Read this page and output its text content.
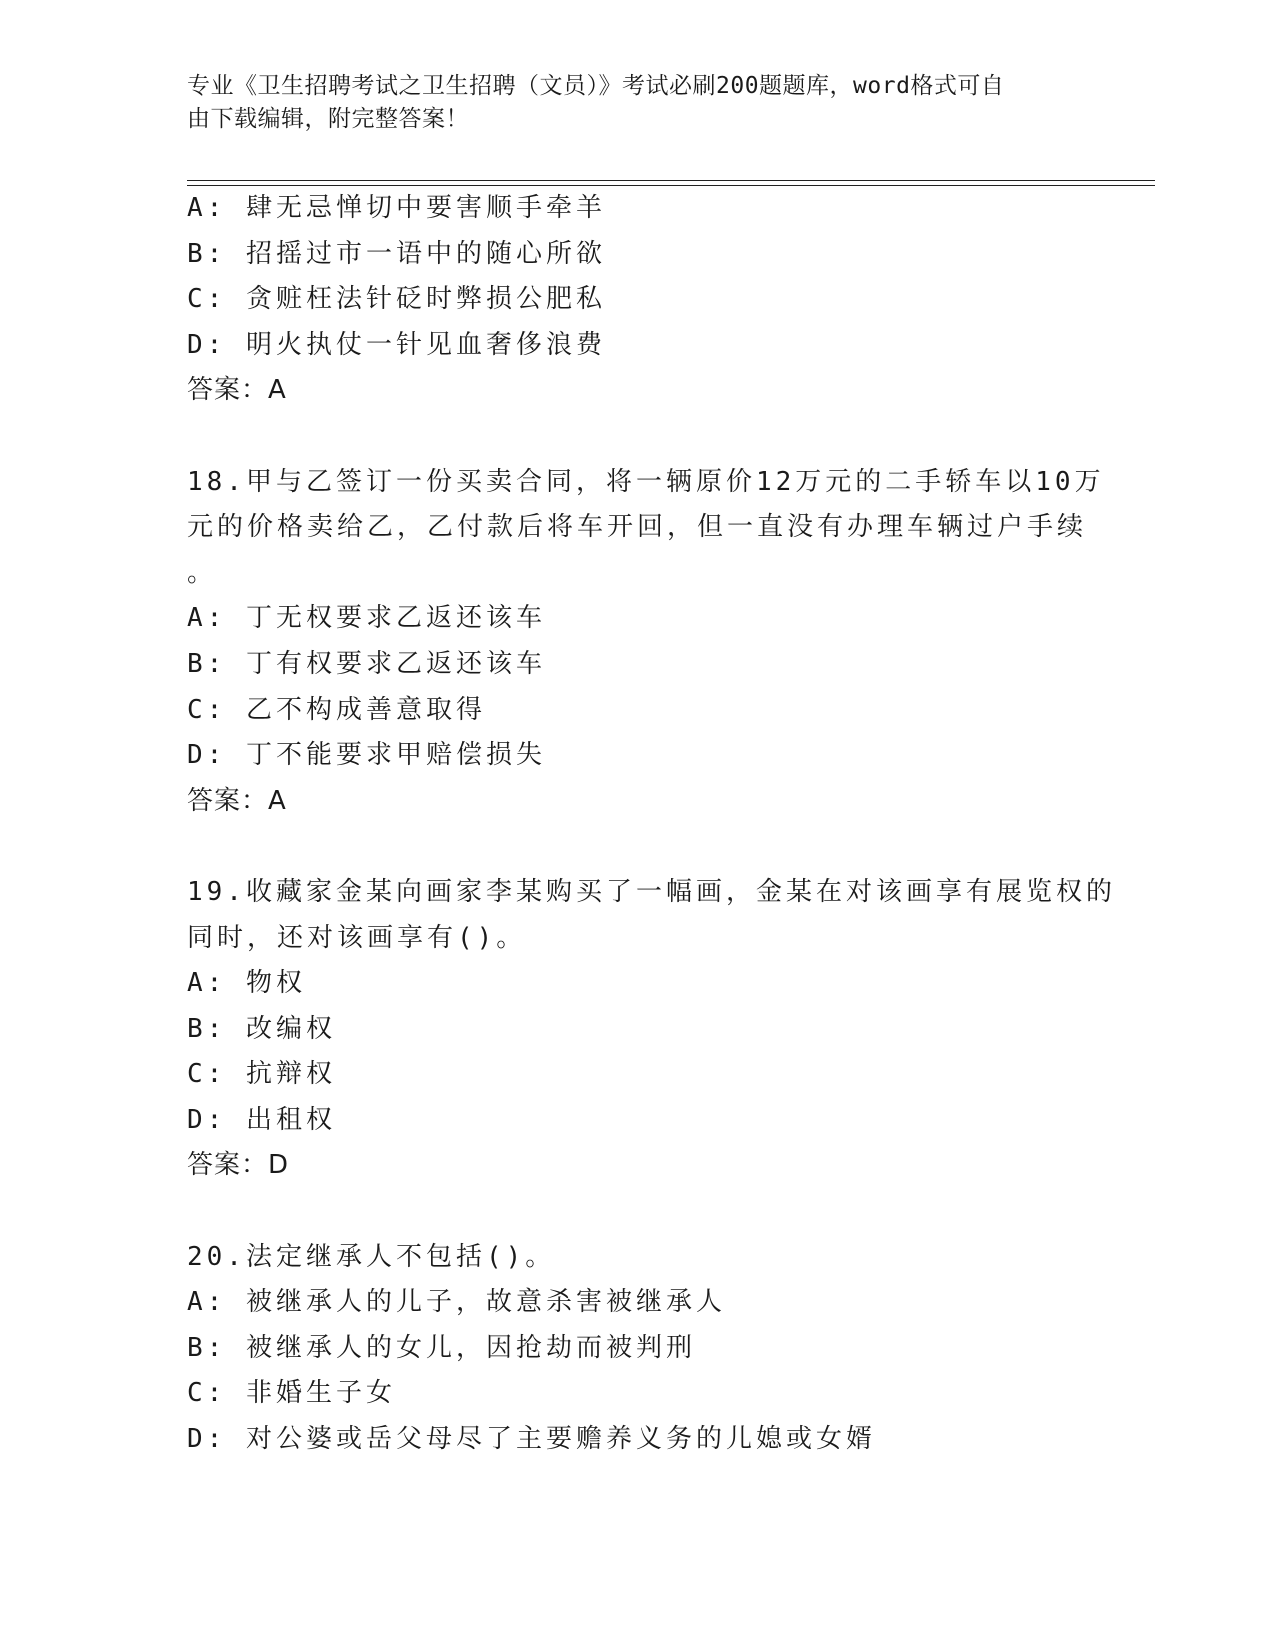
专业《卫生招聘考试之卫生招聘（文员）》考试必刷200题题库，word格式可自
由下载编辑，附完整答案！

A: 肆无忌惮切中要害顺手牵羊

B: 招摇过市一语中的随心所欲

C: 贪赃枉法针砭时弊损公肥私

D: 明火执仗一针见血奢侈浪费

答案：A

18.甲与乙签订一份买卖合同，将一辆原价12万元的二手轿车以10万

元的价格卖给乙，乙付款后将车开回，但一直没有办理车辆过户手续

。

A: 丁无权要求乙返还该车

B: 丁有权要求乙返还该车

C: 乙不构成善意取得

D: 丁不能要求甲赔偿损失

答案：A

19.收藏家金某向画家李某购买了一幅画，金某在对该画享有展览权的

同时，还对该画享有()。

A: 物权

B: 改编权

C: 抗辩权

D: 出租权

答案：D

20.法定继承人不包括()。

A: 被继承人的儿子，故意杀害被继承人

B: 被继承人的女儿，因抢劫而被判刑

C: 非婚生子女

D: 对公婆或岳父母尽了主要赡养义务的儿媳或女婿
